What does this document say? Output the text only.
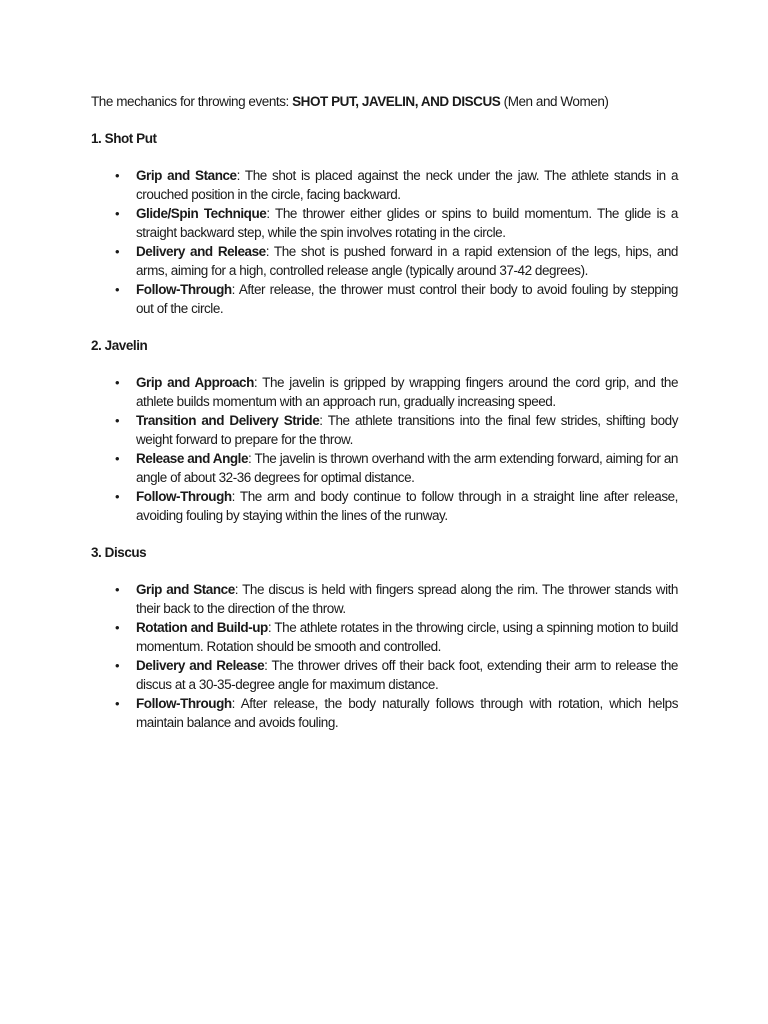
The mechanics for throwing events: SHOT PUT, JAVELIN, AND DISCUS (Men and Women)

1. Shot Put

• Grip and Stance: The shot is placed against the neck under the jaw. The athlete stands in a crouched position in the circle, facing backward.
• Glide/Spin Technique: The thrower either glides or spins to build momentum. The glide is a straight backward step, while the spin involves rotating in the circle.
• Delivery and Release: The shot is pushed forward in a rapid extension of the legs, hips, and arms, aiming for a high, controlled release angle (typically around 37-42 degrees).
• Follow-Through: After release, the thrower must control their body to avoid fouling by stepping out of the circle.

2. Javelin

• Grip and Approach: The javelin is gripped by wrapping fingers around the cord grip, and the athlete builds momentum with an approach run, gradually increasing speed.
• Transition and Delivery Stride: The athlete transitions into the final few strides, shifting body weight forward to prepare for the throw.
• Release and Angle: The javelin is thrown overhand with the arm extending forward, aiming for an angle of about 32-36 degrees for optimal distance.
• Follow-Through: The arm and body continue to follow through in a straight line after release, avoiding fouling by staying within the lines of the runway.

3. Discus

• Grip and Stance: The discus is held with fingers spread along the rim. The thrower stands with their back to the direction of the throw.
• Rotation and Build-up: The athlete rotates in the throwing circle, using a spinning motion to build momentum. Rotation should be smooth and controlled.
• Delivery and Release: The thrower drives off their back foot, extending their arm to release the discus at a 30-35-degree angle for maximum distance.
• Follow-Through: After release, the body naturally follows through with rotation, which helps maintain balance and avoids fouling.
